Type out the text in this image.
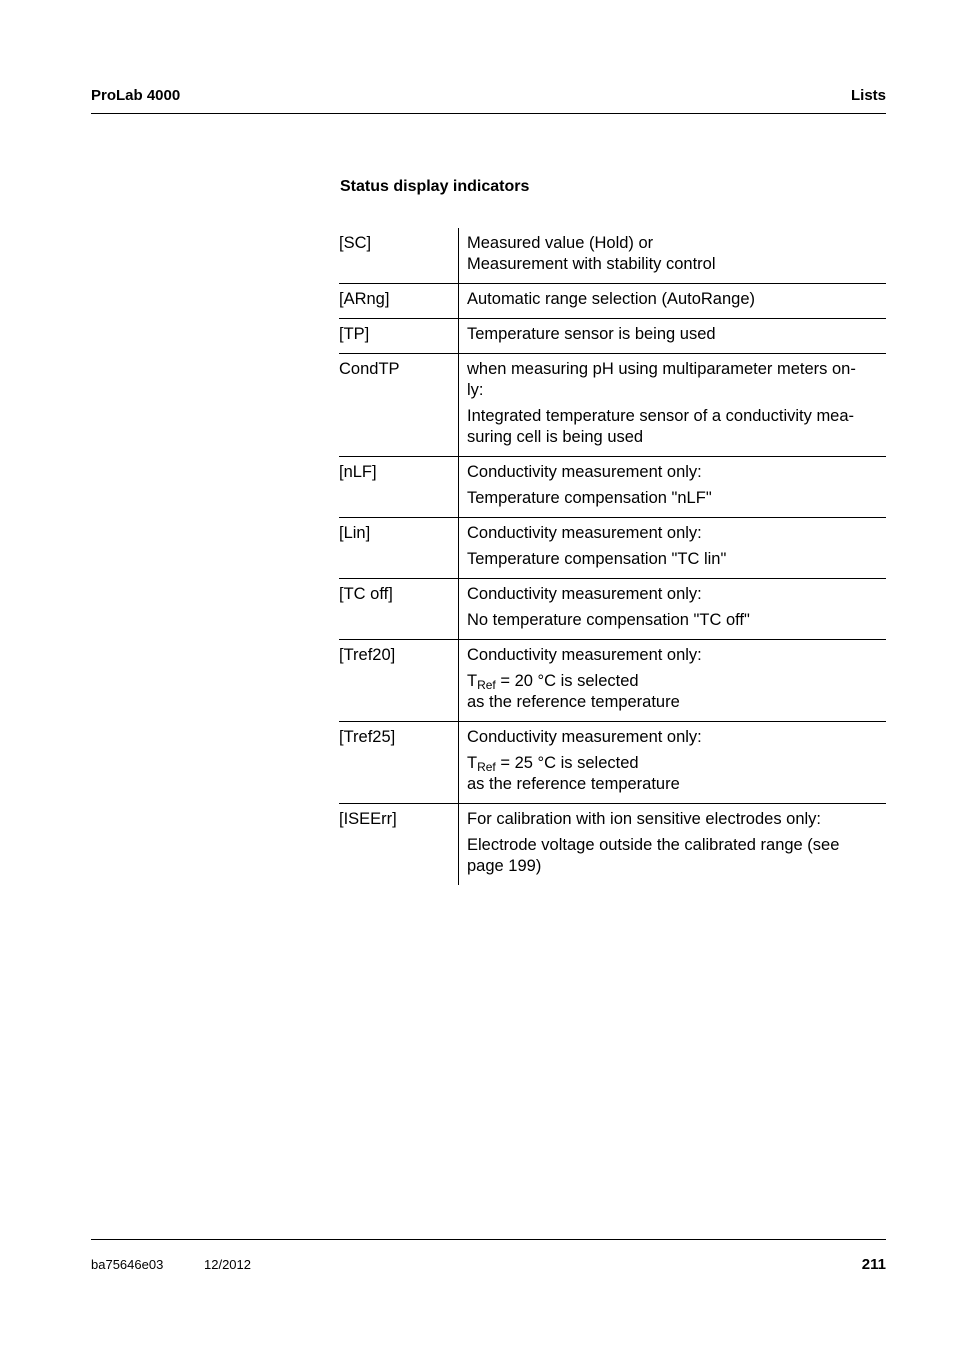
ProLab 4000	Lists
Status display indicators
[SC]	Measured value (Hold) or
Measurement with stability control
[ARng]	Automatic range selection (AutoRange)
[TP]	Temperature sensor is being used
CondTP	when measuring pH using multiparameter meters on-
ly:

Integrated temperature sensor of a conductivity mea-
suring cell is being used

[nLF]	Conductivity measurement only:

Temperature compensation "nLF"

[Lin]	Conductivity measurement only:

Temperature compensation "TC lin"

[TC off]	Conductivity measurement only:

No temperature compensation "TC off"

[Tref20]	Conductivity measurement only:

$T_{Ref} = 20$ °C is selected
as the reference temperature

[Tref25]	Conductivity measurement only:

$T_{Ref} = 25$ °C is selected
as the reference temperature

[ISEErr]	For calibration with ion sensitive electrodes only:

Electrode voltage outside the calibrated range (see
page 199)

ba75646e03	12/2012	211
